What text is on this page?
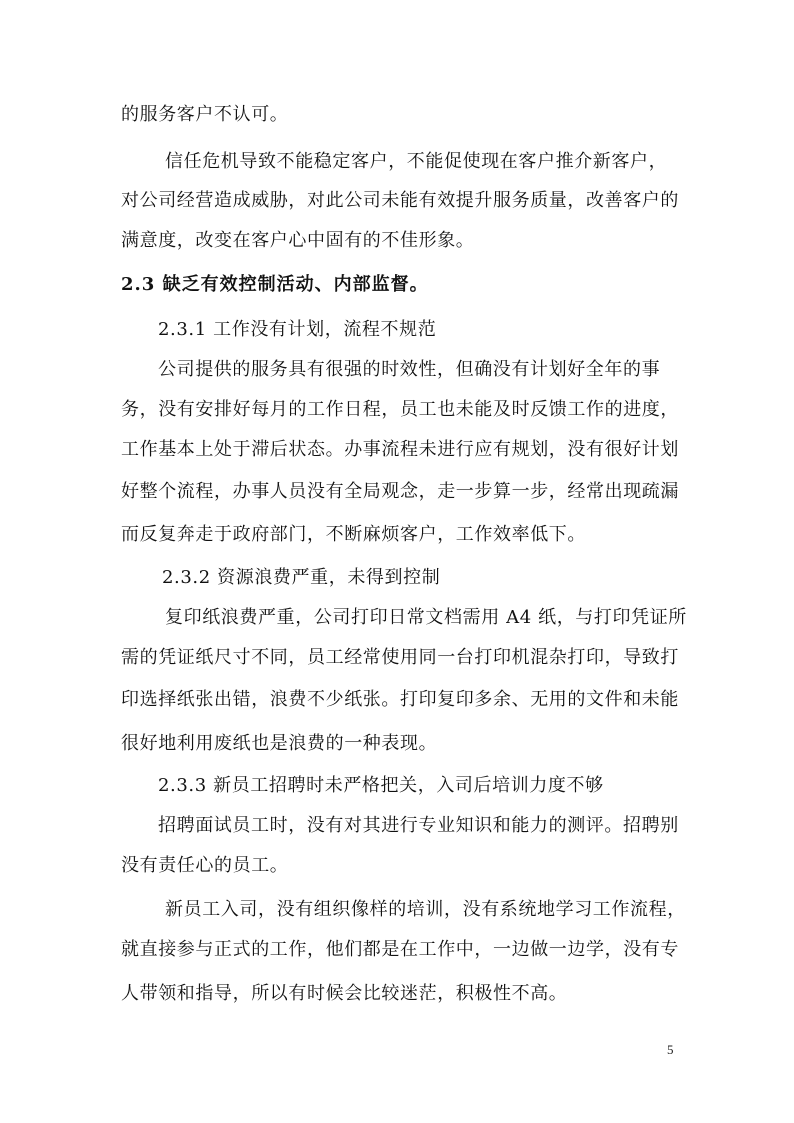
的服务客户不认可。
信任危机导致不能稳定客户，不能促使现在客户推介新客户，
对公司经营造成威胁，对此公司未能有效提升服务质量，改善客户的
满意度，改变在客户心中固有的不佳形象。
2.3 缺乏有效控制活动、内部监督。
2.3.1 工作没有计划，流程不规范
公司提供的服务具有很强的时效性，但确没有计划好全年的事
务，没有安排好每月的工作日程，员工也未能及时反馈工作的进度，
工作基本上处于滞后状态。办事流程未进行应有规划，没有很好计划
好整个流程，办事人员没有全局观念，走一步算一步，经常出现疏漏
而反复奔走于政府部门，不断麻烦客户，工作效率低下。
2.3.2 资源浪费严重，未得到控制
复印纸浪费严重，公司打印日常文档需用 A4 纸，与打印凭证所
需的凭证纸尺寸不同，员工经常使用同一台打印机混杂打印，导致打
印选择纸张出错，浪费不少纸张。打印复印多余、无用的文件和未能
很好地利用废纸也是浪费的一种表现。
2.3.3 新员工招聘时未严格把关，入司后培训力度不够
招聘面试员工时，没有对其进行专业知识和能力的测评。招聘别
没有责任心的员工。
新员工入司，没有组织像样的培训，没有系统地学习工作流程，
就直接参与正式的工作，他们都是在工作中，一边做一边学，没有专
人带领和指导，所以有时候会比较迷茫，积极性不高。
5
